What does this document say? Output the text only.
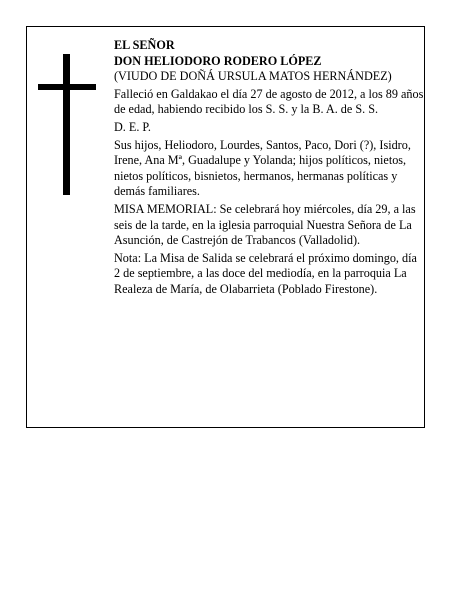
EL SEÑOR

DON HELIODORO RODERO LÓPEZ

(VIUDO DE DOÑÁ URSULA MATOS HERNÁNDEZ)

Falleció en Galdakao el día 27 de agosto de 2012, a los 89 años de edad, habiendo recibido los S. S. y la B. A. de S. S.

D. E. P.

Sus hijos, Heliodoro, Lourdes, Santos, Paco, Dori (?), Isidro, Irene, Ana Mª, Guadalupe y Yolanda; hijos políticos, nietos, nietos políticos, bisnietos, hermanos, hermanas políticas y demás familiares.

MISA MEMORIAL: Se celebrará hoy miércoles, día 29, a las seis de la tarde, en la iglesia parroquial Nuestra Señora de La Asunción, de Castrejón de Trabancos (Valladolid).

Nota: La Misa de Salida se celebrará el próximo domingo, día 2 de septiembre, a las doce del mediodía, en la parroquia La Realeza de María, de Olabarrieta (Poblado Firestone).
